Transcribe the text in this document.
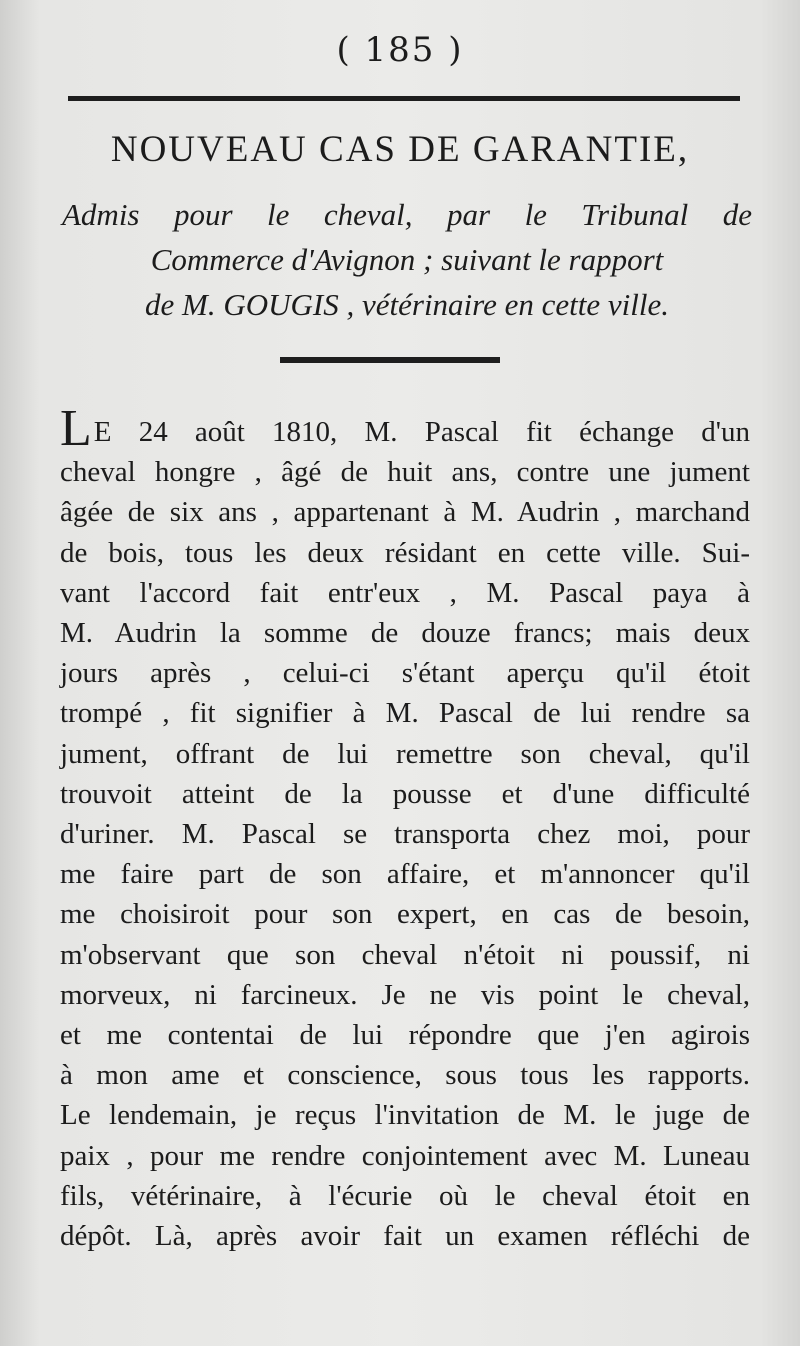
( 185 )
NOUVEAU CAS DE GARANTIE,
Admis pour le cheval, par le Tribunal de
Commerce d'Avignon ; suivant le rapport
de M. GOUGIS , vétérinaire en cette ville.
LE 24 août 1810, M. Pascal fit échange d'un
cheval hongre , âgé de huit ans, contre une jument
âgée de six ans , appartenant à M. Audrin , marchand
de bois, tous les deux résidant en cette ville. Sui-
vant l'accord fait entr'eux , M. Pascal paya à
M. Audrin la somme de douze francs; mais deux
jours après , celui-ci s'étant aperçu qu'il étoit
trompé , fit signifier à M. Pascal de lui rendre sa
jument, offrant de lui remettre son cheval, qu'il
trouvoit atteint de la pousse et d'une difficulté
d'uriner. M. Pascal se transporta chez moi, pour
me faire part de son affaire, et m'annoncer qu'il
me choisiroit pour son expert, en cas de besoin,
m'observant que son cheval n'étoit ni poussif, ni
morveux, ni farcineux. Je ne vis point le cheval,
et me contentai de lui répondre que j'en agirois
à mon ame et conscience, sous tous les rapports.
Le lendemain, je reçus l'invitation de M. le juge de
paix , pour me rendre conjointement avec M. Luneau
fils, vétérinaire, à l'écurie où le cheval étoit en
dépôt. Là, après avoir fait un examen réfléchi de
